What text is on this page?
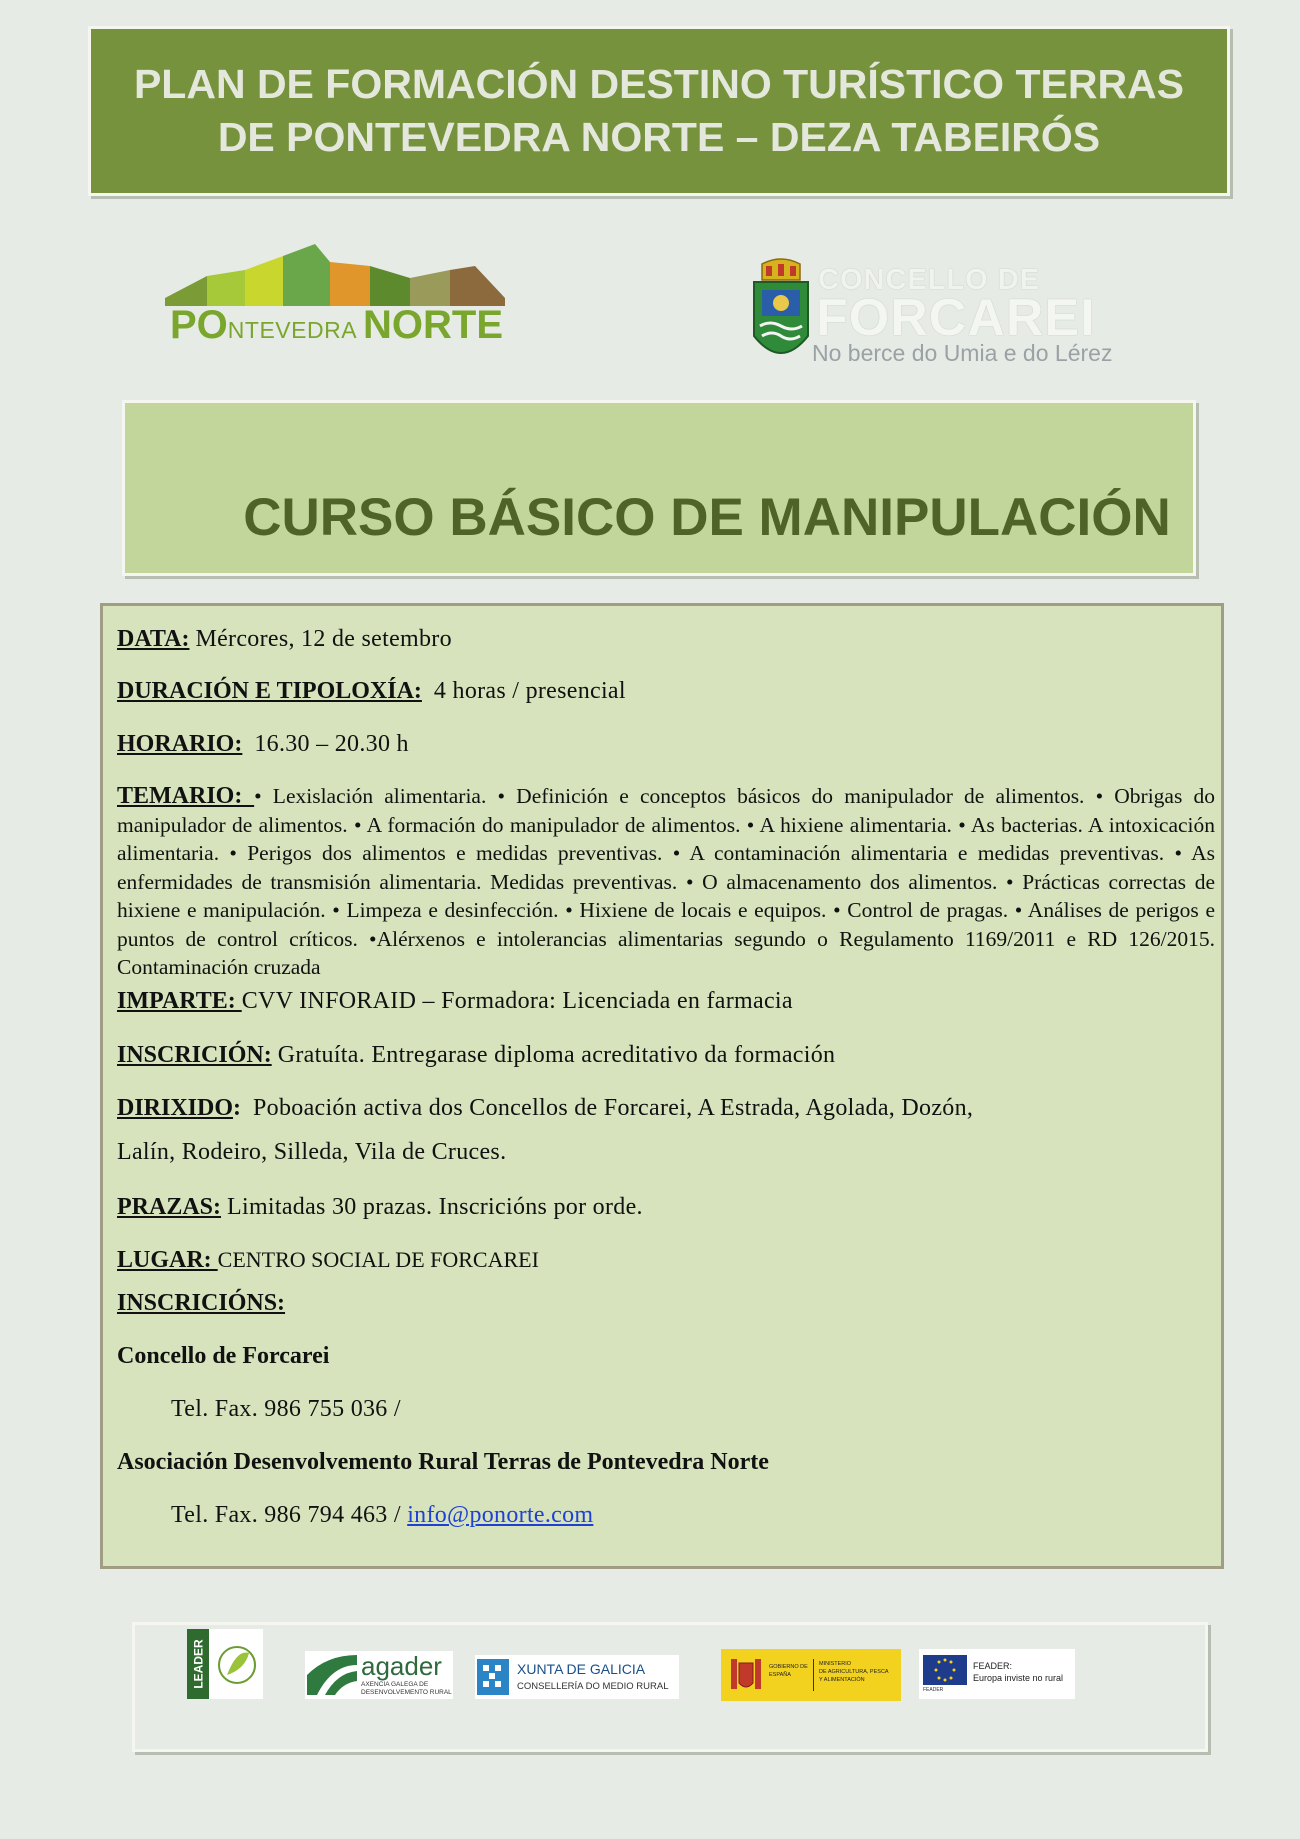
PLAN DE FORMACIÓN DESTINO TURÍSTICO TERRAS
DE PONTEVEDRA NORTE – DEZA TABEIRÓS
PONTEVEDRA NORTE
CONCELLO DE
FORCAREI
No berce do Umia e do Lérez

CURSO BÁSICO DE MANIPULACIÓN

DATA: Mércores, 12 de setembro
DURACIÓN E TIPOLOXÍA: 4 horas / presencial
HORARIO: 16.30 – 20.30 h
TEMARIO: • Lexislación alimentaria. • Definición e conceptos básicos do manipulador de alimentos. • Obrigas do manipulador de alimentos. • A formación do manipulador de alimentos. • A hixiene alimentaria. • As bacterias. A intoxicación alimentaria. • Perigos dos alimentos e medidas preventivas. • A contaminación alimentaria e medidas preventivas. • As enfermidades de transmisión alimentaria. Medidas preventivas. • O almacenamento dos alimentos. • Prácticas correctas de hixiene e manipulación. • Limpeza e desinfección. • Hixiene de locais e equipos. • Control de pragas. • Análises de perigos e puntos de control críticos. •Alérxenos e intolerancias alimentarias segundo o Regulamento 1169/2011 e RD 126/2015. Contaminación cruzada
IMPARTE: CVV INFORAID – Formadora: Licenciada en farmacia
INSCRICIÓN: Gratuíta. Entregarase diploma acreditativo da formación
DIRIXIDO: Poboación activa dos Concellos de Forcarei, A Estrada, Agolada, Dozón,
Lalín, Rodeiro, Silleda, Vila de Cruces.
PRAZAS: Limitadas 30 prazas. Inscricións por orde.
LUGAR: CENTRO SOCIAL DE FORCAREI
INSCRICIÓNS:
Concello de Forcarei
Tel. Fax. 986 755 036 /
Asociación Desenvolvemento Rural Terras de Pontevedra Norte
Tel. Fax. 986 794 463 / info@ponorte.com
LEADER	agader
AXENCIA GALEGA DE
DESENVOLVEMENTO RURAL
XUNTA DE GALICIA
CONSELLERÍA DO MEDIO RURAL
GOBIERNO DE ESPAÑA
MINISTERIO
DE AGRICULTURA, PESCA
Y ALIMENTACIÓN
FEADER
FEADER:
Europa inviste no rural
